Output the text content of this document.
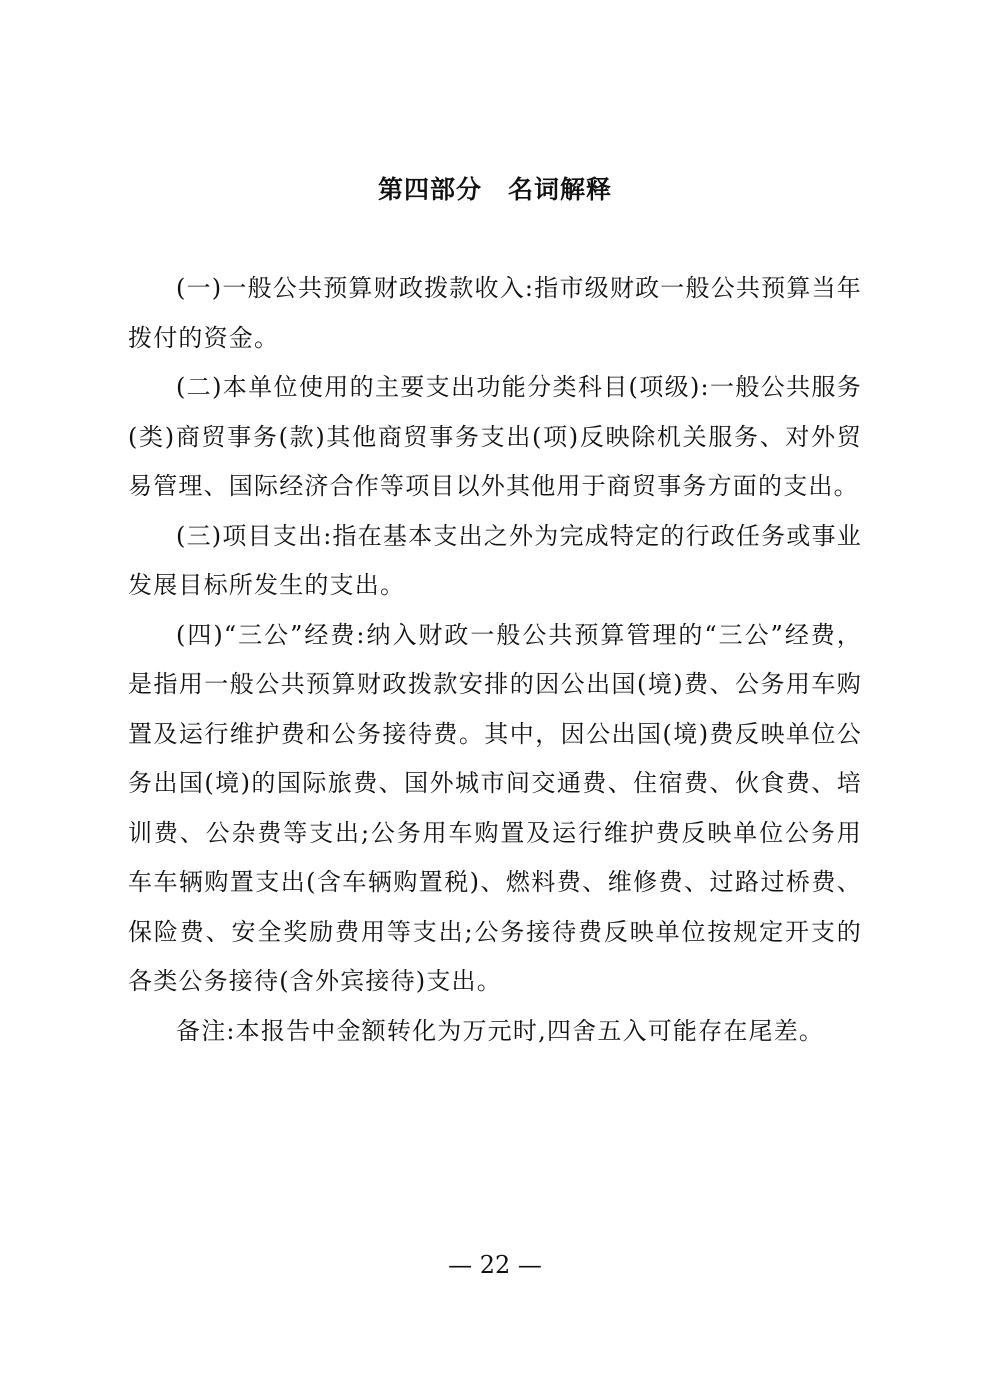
第四部分　名词解释

(一)一般公共预算财政拨款收入:指市级财政一般公共预算当年拨付的资金。

(二)本单位使用的主要支出功能分类科目(项级):一般公共服务(类)商贸事务(款)其他商贸事务支出(项)反映除机关服务、对外贸易管理、国际经济合作等项目以外其他用于商贸事务方面的支出。

(三)项目支出:指在基本支出之外为完成特定的行政任务或事业发展目标所发生的支出。

(四)“三公”经费:纳入财政一般公共预算管理的“三公”经费，是指用一般公共预算财政拨款安排的因公出国(境)费、公务用车购置及运行维护费和公务接待费。其中，因公出国(境)费反映单位公务出国(境)的国际旅费、国外城市间交通费、住宿费、伙食费、培训费、公杂费等支出;公务用车购置及运行维护费反映单位公务用车车辆购置支出(含车辆购置税)、燃料费、维修费、过路过桥费、保险费、安全奖励费用等支出;公务接待费反映单位按规定开支的各类公务接待(含外宾接待)支出。

备注:本报告中金额转化为万元时,四舍五入可能存在尾差。

— 22 —
